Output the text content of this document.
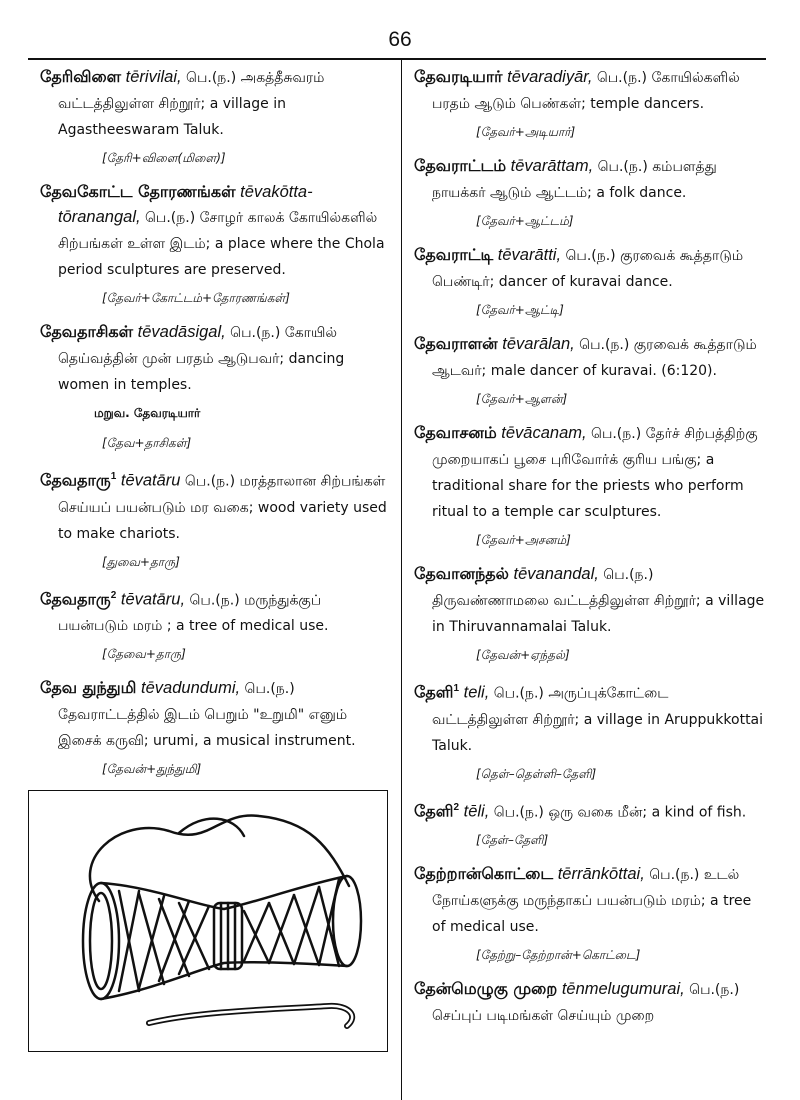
66
தேரிவிளை tērivilai, பெ.(ந.) அகத்தீசுவரம் வட்டத்திலுள்ள சிற்றூர்; a village in Agastheeswaram Taluk.
[தேரி+விளை(மிளை)]
தேவகோட்ட தோரணங்கள் tēvakōtta-tōranangal, பெ.(ந.) சோழர் காலக் கோயில்களில் சிற்பங்கள் உள்ள இடம்; a place where the Chola period sculptures are preserved.
[தேவர்+கோட்டம்+தோரணங்கள்]
தேவதாசிகள் tēvadāsigal, பெ.(ந.) கோயில் தெய்வத்தின் முன் பரதம் ஆடுபவர்; dancing women in temples.
மறுவ. தேவரடியார்
[தேவ+தாசிகள்]
தேவதாரு$^1$ tēvatāru பெ.(ந.) மரத்தாலான சிற்பங்கள் செய்யப் பயன்படும் மர வகை; wood variety used to make chariots.
[துவை+தாரு]
தேவதாரு$^2$ tēvatāru, பெ.(ந.) மருந்துக்குப் பயன்படும் மரம் ; a tree of medical use.
[தேவை+தாரு]
தேவ துந்துமி tēvadundumi, பெ.(ந.) தேவராட்டத்தில் இடம் பெறும் "உறுமி" எனும் இசைக் கருவி; urumi, a musical instrument.
[தேவன்+துந்துமி]
தேவரடியார் tēvaradiyār, பெ.(ந.) கோயில்களில் பரதம் ஆடும் பெண்கள்; temple dancers.
[தேவர்+அடியார்]
தேவராட்டம் tēvarāttam, பெ.(ந.) கம்பளத்து நாயக்கர் ஆடும் ஆட்டம்; a folk dance.
[தேவர்+ஆட்டம்]
தேவராட்டி tēvarātti, பெ.(ந.) குரவைக் கூத்தாடும் பெண்டிர்; dancer of kuravai dance.
[தேவர்+ஆட்டி]
தேவராளன் tēvarālan, பெ.(ந.) குரவைக் கூத்தாடும் ஆடவர்; male dancer of kuravai. (6:120).
[தேவர்+ஆளன்]
தேவாசனம் tēvācanam, பெ.(ந.) தேர்ச் சிற்பத்திற்கு முறையாகப் பூசை புரிவோர்க் குரிய பங்கு; a traditional share for the priests who perform ritual to a temple car sculptures.
[தேவர்+அசனம்]
தேவானந்தல் tēvanandal, பெ.(ந.) திருவண்ணாமலை வட்டத்திலுள்ள சிற்றூர்; a village in Thiruvannamalai Taluk.
[தேவன்+ஏந்தல்]
தேளி$^1$ teli, பெ.(ந.) அருப்புக்கோட்டை வட்டத்திலுள்ள சிற்றூர்; a village in Aruppukkottai Taluk.
[தெள்–தெள்ளி–தேளி]
தேளி$^2$ tēli, பெ.(ந.) ஒரு வகை மீன்; a kind of fish.
[தேள்–தேளி]
தேற்றான்கொட்டை tērrānkōttai, பெ.(ந.) உடல் நோய்களுக்கு மருந்தாகப் பயன்படும் மரம்; a tree of medical use.
[தேற்று–தேற்றான்+கொட்டை]
தேன்மெழுகு முறை tēnmelugumurai, பெ.(ந.) செப்புப் படிமங்கள் செய்யும் முறை
